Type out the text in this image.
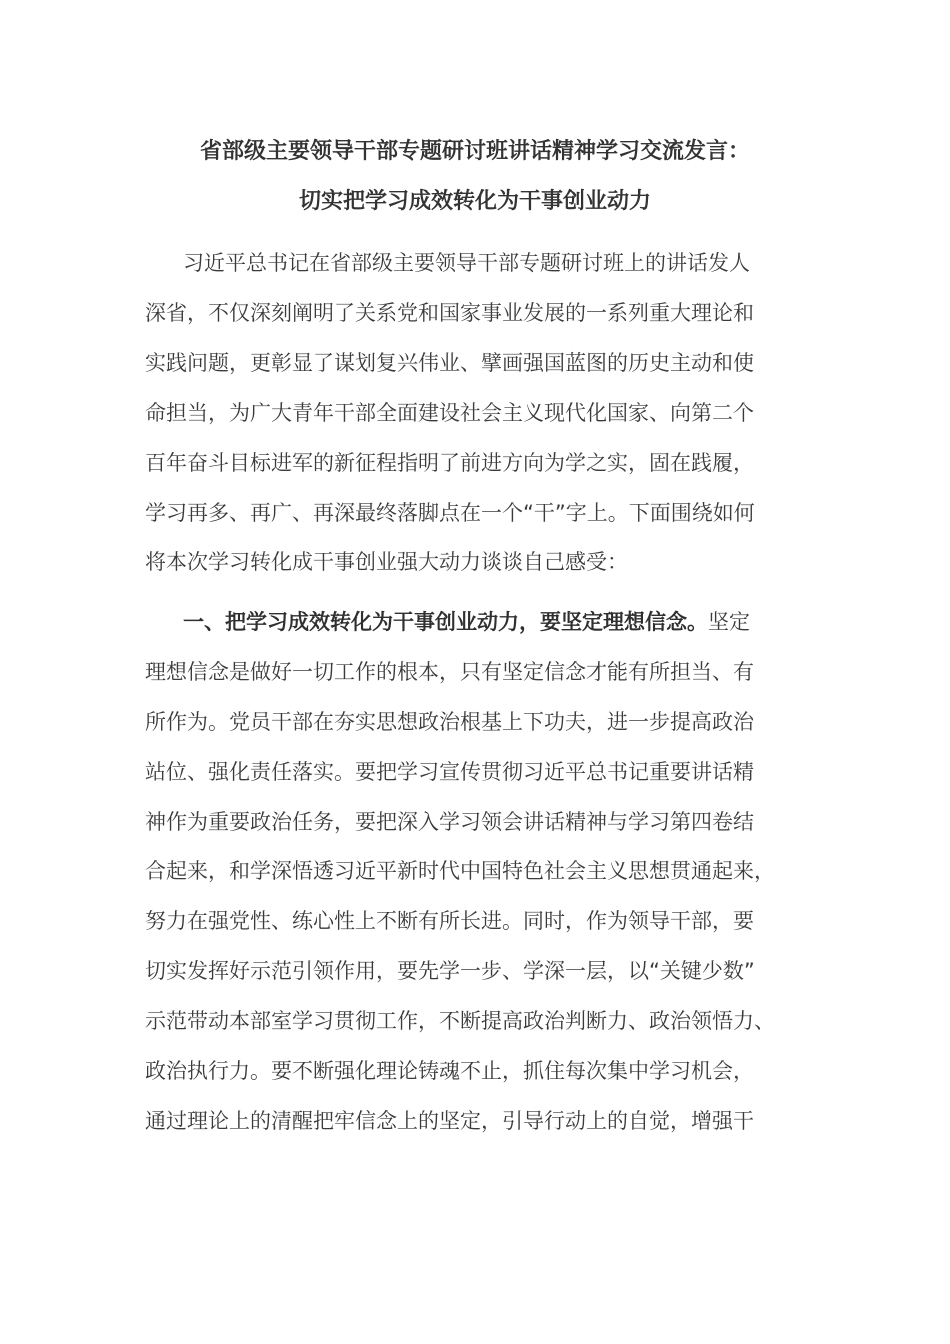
省部级主要领导干部专题研讨班讲话精神学习交流发言：
切实把学习成效转化为干事创业动力
习近平总书记在省部级主要领导干部专题研讨班上的讲话发人
深省，不仅深刻阐明了关系党和国家事业发展的一系列重大理论和
实践问题，更彰显了谋划复兴伟业、擘画强国蓝图的历史主动和使
命担当，为广大青年干部全面建设社会主义现代化国家、向第二个
百年奋斗目标进军的新征程指明了前进方向为学之实，固在践履，
学习再多、再广、再深最终落脚点在一个“干”字上。下面围绕如何
将本次学习转化成干事创业强大动力谈谈自己感受：
一、把学习成效转化为干事创业动力，要坚定理想信念。坚定
理想信念是做好一切工作的根本，只有坚定信念才能有所担当、有
所作为。党员干部在夯实思想政治根基上下功夫，进一步提高政治
站位、强化责任落实。要把学习宣传贯彻习近平总书记重要讲话精
神作为重要政治任务，要把深入学习领会讲话精神与学习第四卷结
合起来，和学深悟透习近平新时代中国特色社会主义思想贯通起来，
努力在强党性、练心性上不断有所长进。同时，作为领导干部，要
切实发挥好示范引领作用，要先学一步、学深一层，以“关键少数”
示范带动本部室学习贯彻工作，不断提高政治判断力、政治领悟力、
政治执行力。要不断强化理论铸魂不止，抓住每次集中学习机会，
通过理论上的清醒把牢信念上的坚定，引导行动上的自觉，增强干
